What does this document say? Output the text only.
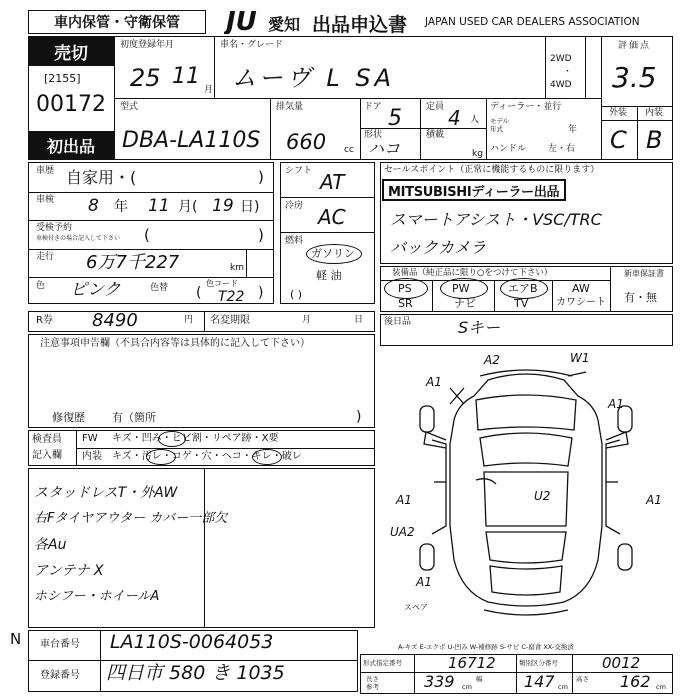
車内保管・守衛保管 JU 愛知 出品申込書 JAPAN USED CAR DEALERS ASSOCIATION
売切
[2155]
00172
初出品
初度登録年月
25 11
月
車名・グレード
ムーヴ L SA
2WD
4WD
・
評価点
3.5
外装 内装
C B
型式
DBA-LA110S
排気量
660 cc
ドア 5
形状
ハコ
定員 4 人
積載
kg
ディーラー・並行
モデル
年式	年
ハンドル 左・右
車歴 自家用・(	)
車検 8 年 11 月( 19 日)
受検予約
車検付きの場合記入して下さい (	)
走行 6万7千227	km
色 ピンク	色替	色コード
( T22 )
シフト AT
冷房 AC
燃料
ガソリン
軽 油
( )
セールスポイント（正常に機能するものに限ります）
MITSUBISHIディーラー出品
スマートアシスト・VSC/TRC
バックカメラ
装備品（純正品に限り○をつけて下さい）
PS	PW	エアB	AW
SR	ナビ	TV	カワシート
新車保証書
有・無
R券 8490	円 名変期限	月	日
注意事項申告欄（不具合内容等は具体的に記入して下さい）
修復歴 有（箇所	)
後日品	Sキー
検査員
記入欄
FW キズ・凹み・ヒビ割・リペア跡・X要
内装 キズ・汚レ・コゲ・穴・ヘコ・キレ・破レ
スタッドレスT・外AW
右Fタイヤアウター カバー一部欠
各Au
アンテナ X
ホシフー・ホイールA
A2	W1
A1
A1
U2
A1
UA2
A1
A1
スペア
A-キズ E-エクボ U-凹み W-補修跡 S-サビ C-腐食 XX-交換済
N 車台番号 LA110S-0064053
登録番号 四日市 580 き 1035	形式指定番号	16712	類別区分番号	0012
長さ
参考	339 cm
幅	147 cm
高さ 162 cm
